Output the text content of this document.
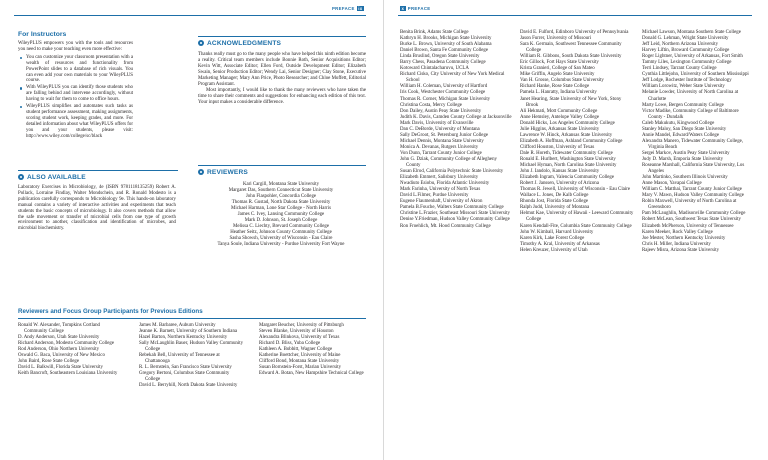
PREFACE ix
For Instructors

WileyPLUS empowers you with the tools and resources you need to make your teaching even more effective:

You can customize your classroom presentation with a wealth of resources and functionality from PowerPoint slides to a database of rich visuals. You can even add your own materials to your WileyPLUS course.
With WileyPLUS you can identify those students who are falling behind and intervene accordingly, without having to wait for them to come to office hours.
WileyPLUS simplifies and automates such tasks as student performance assessment, making assignments, scoring student work, keeping grades, and more. For detailed information about what WileyPLUS offers for you and your students, please visit: http://www.wiley.com/college/sc/black
ACKNOWLEDGMENTS

Thanks really must go to the many people who have helped this ninth edition become a reality. Critical team members include Bonnie Roth, Senior Acquisitions Editor; Kevin Witt, Associate Editor; Ellen Ford, Outside Development Editor; Elizabeth Swain, Senior Production Editor; Wendy Lai, Senior Designer; Clay Stone, Executive Marketing Manager; Mary Ann Price, Photo Researcher; and Chloe Moffett, Editorial Program Assistant.

Most importantly, I would like to thank the many reviewers who have taken the time to share their comments and suggestions for enhancing each edition of this text. Your input makes a considerable difference.

ALSO AVAILABLE
Laboratory Exercises in Microbiology, 4e (ISBN 9781118135259) Robert A. Pollack, Lorraine Findlay, Walter Mondschein, and R. Ronald Modesto is a publication carefully corresponds to Microbiology 9e. This hands-on laboratory manual contains a variety of interactive activities and experiments that teach students the basic concepts of microbiology. It also covers methods that allow the safe movement or transfer of microbial cells from one type of growth environment to another, classification and identification of microbes, and microbial biochemistry.
REVIEWERS
Kari Cargill, Montana State University
Margaret Das, Southern Connecticut State University
John Flaspohler, Concordia College
Thomas R. Gustad, North Dakota State University
Michael Harman, Lone Star College - North Harris
James C. Ivey, Lansing Community College
Mark D. Johnson, St. Joseph College
Melissa C. Liechty, Brevard Community College
Heather Seitz, Johnson County Community College
Sasha Showsh, University of Wisconsin - Eau Claire
Tanya Soule, Indiana University - Purdue University Fort Wayne
Reviewers and Focus Group Participants for Previous Editions
Ronald W. Alexander, Tompkins Cortland Community College
D. Andy Anderson, Utah State University
Richard Anderson, Modesto Community College
Rod Anderson, Ohio Northern University
Oswald G. Baca, University of New Mexico
John Baird, Rose State College
David L. Balkwill, Florida State University
Keith Bancroft, Southeastern Louisiana University
James M. Barbaree, Auburn University
Jeanne K. Barnett, University of Southern Indiana
Hazel Barton, Northern Kentucky University
Sally McLaughlin Bauer, Hudson Valley Community College
Rebekah Bell, University of Tennessee at Chattanooga
R. L. Bernstein, San Francisco State University
Gregory Bertoni, Columbus State Community College
David L. Berryhill, North Dakota State University
Margaret Beucher, University of Pittsburgh
Steven Blanke, University of Houston
Alexandra Blinkova, University of Texas
Richard D. Bliss, Yuba College
Kathleen A. Bobbitt, Wagner College
Katherine Boettcher, University of Maine
Clifford Bond, Montana State University
Susan Bornstein-Forst, Marian University
Edward A. Botan, New Hampshire Technical College
x PREFACE
Benita Brink, Adams State College
Kathryn H. Brooks, Michigan State University
Burke L. Brown, University of South Alabama
Daniel Brown, Santa Fe Community College
Linda Bruslind, Oregon State University
Barry Chess, Pasadena Community College
Kotoward Chintalacharuvu, UCLA
Richard Cisko, City University of New York Medical School
William H. Coleman, University of Hartford
Iris Cook, Westchester Community College
Thomas R. Corner, Michigan State University
Christina Costa, Mercy College
Don Dailey, Austin Peay State University
Judith K. Davis, Camden County College at Jacksonville
Mark Davis, University of Evansville
Dan C. DeBorde, University of Montana
Sally DeGroot, St. Petersburg Junior College
Michael Dennis, Montana State University
Monica A. Devanas, Rutgers University
Von Dunn, Tarrant County Junior College
John G. Dziak, Community College of Allegheny County
Susan Elrod, California Polytechnic State University
Elizabeth Emmert, Salisbury University
Nwadiuto Esiobu, Florida Atlantic University
Mark Farinha, University of North Texas
David L.Filmer, Purdue University
Eugene Flaumenhaft, University of Akron
Pamela B.Fouche, Walters State Community College
Christine L.Frazier, Southeast Missouri State University
Denise Y.Friedman, Hudson Valley Community College
Ron Froehlich, Mt. Hood Community College
David E. Fulford, Edinboro University of Pennsylvania
Jason Furrer, University of Missouri
Sara K. Germain, Southwest Tennessee Community College
William R. Gibbons, South Dakota State University
Eric Gillock, Fort Hays State University
Krista Granieri, College of San Mateo
Mike Griffin, Angelo State University
Van H. Grosse, Columbus State University
Richard Hanke, Rose State College
Pamela L. Hanratty, Indiana University
Janet Hearing, State University of New York, Stony Brook
Ali Hekmati, Mott Community College
Anne Hemsley, Antelope Valley College
Donald Hicks, Los Angeles Community College
Julie Higgins, Arkansas State University
Lawrence W. Hinck, Arkansas State University
Elizabeth A. Hoffman, Ashland Community College
Clifford Houston, University of Texas
Dale R. Horeth, Tidewater Community College
Ronald E. Hurlbert, Washington State University
Michael Hyman, North Carolina State University
John J. Iandolo, Kansas State University
Elizabeth Ingram, Valencia Community College
Robert J. Janssen, University of Arizona
Thomas R. Jewell, University of Wisconsin - Eau Claire
Wallace L. Jones, De Kalb College
Rhonda Jost, Florida State College
Ralph Judd, University of Montana
Helmut Kae, University of Hawaii - Leeward Community College
Karen Kendall-Fite, Columbia State Community College
John W. Kimball, Harvard University
Karen Kirk, Lake Forest College
Timothy A. Kral, University of Arkansas
Helen Kreuzer, University of Utah
Michael Lawson, Montana Southern State College
Donald G. Lehman, Wright State University
Jeff Leid, Northern Arizona University
Harvey Liftin, Broward Community College
Roger Lightner, University of Arkansas, Fort Smith
Tammy Liles, Lexington Community College
Terri Lindsey, Tarrant County College
Cynthia Littlejohn, University of Southern Mississippi
Jeff Lodge, Rochester Institute of Technology
William Lorowitz, Weber State University
Melanie Lowder, University of North Carolina at Charlotte
Marty Lowe, Bergen Community College
Victor Madike, Community College of Baltimore County - Dundalk
Caleb Makukutu, Kingwood College
Stanley Maloy, San Diego State University
Annie Mandel, Edward/Waters College
Alexandra Manero, Tidewater Community College, Virginia Beach
Sergei Markov, Austin Peay State University
Judy D. Marsh, Emporia State University
Roseanne Marshall, California State University, Los Angeles
John Martinko, Southern Illinois University
Anne Mason, Yavapai College
William C. Matthai, Tarrant County Junior College
Mary V. Mawn, Hudson Valley Community College
Robin Maxwell, University of North Carolina at Greensboro
Pam McLaughlin, Madisonville Community College
Robert McLean, Southwest Texas State University
Elizabeth McPherson, University of Tennessee
Karen Meeker, Rock Valley College
Joe Mester, Northern Kentucky University
Chris H. Miller, Indiana University
Rajeev Misra, Arizona State University
